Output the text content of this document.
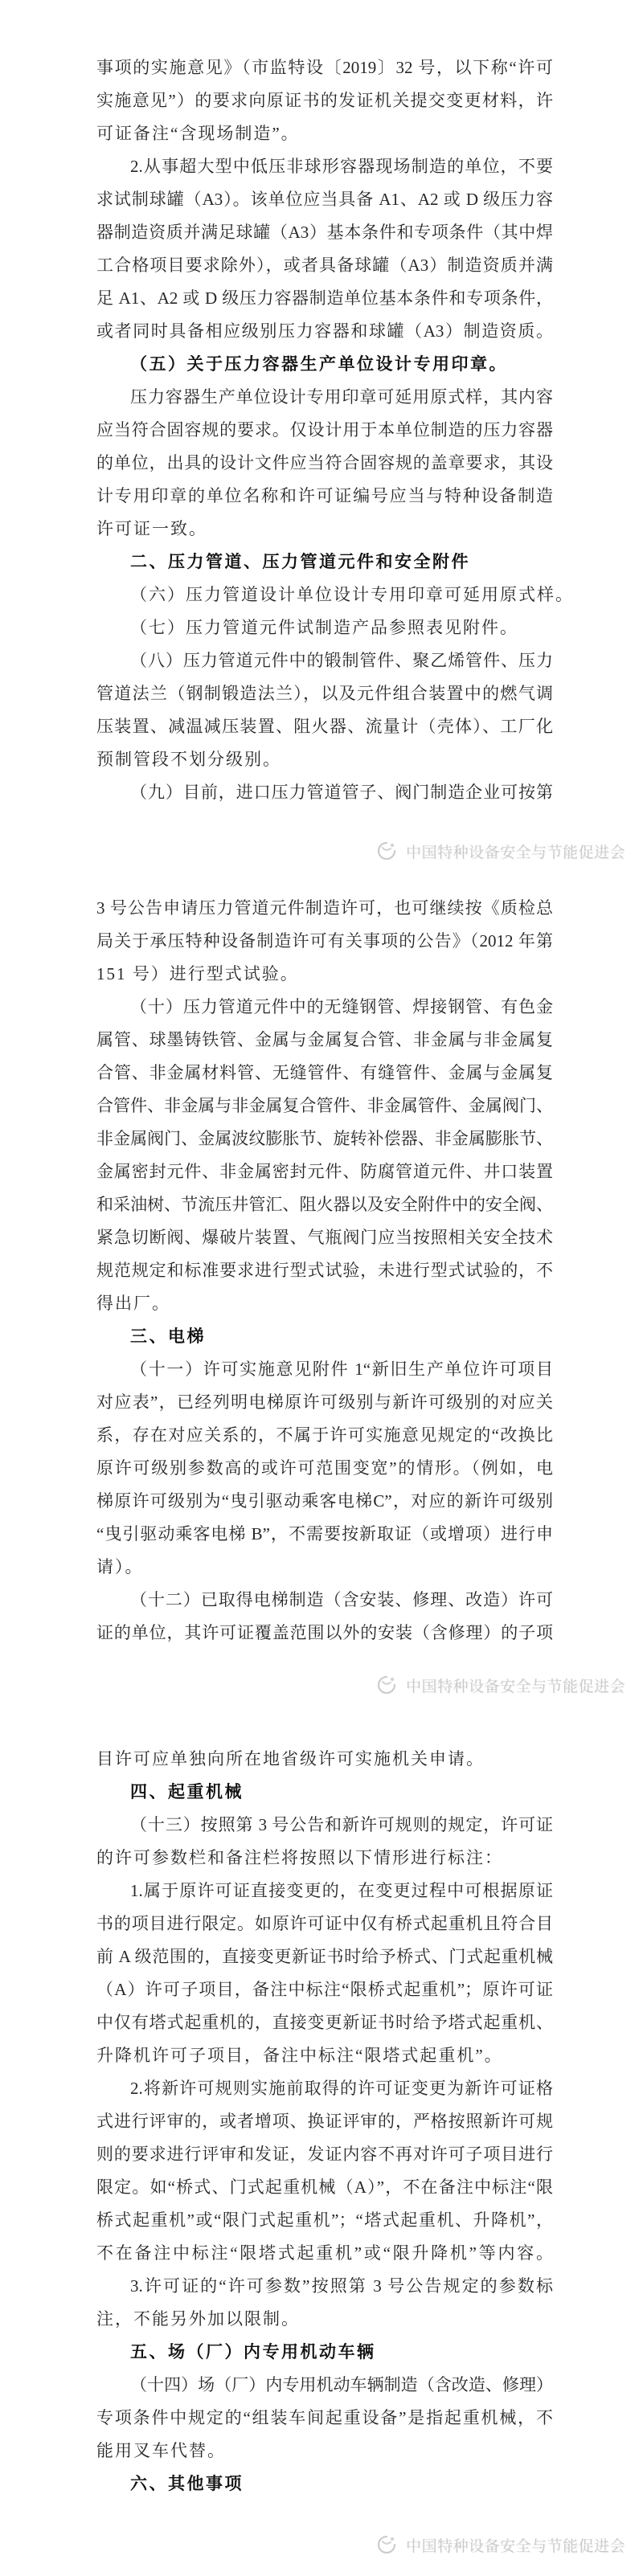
事项的实施意见》（市监特设〔2019〕32 号，以下称“许可
实施意见”）的要求向原证书的发证机关提交变更材料，许
可证备注“含现场制造”。
2.从事超大型中低压非球形容器现场制造的单位，不要
求试制球罐（A3）。该单位应当具备 A1、A2 或 D 级压力容
器制造资质并满足球罐（A3）基本条件和专项条件（其中焊
工合格项目要求除外），或者具备球罐（A3）制造资质并满
足 A1、A2 或 D 级压力容器制造单位基本条件和专项条件，
或者同时具备相应级别压力容器和球罐（A3）制造资质。
（五）关于压力容器生产单位设计专用印章。
压力容器生产单位设计专用印章可延用原式样，其内容
应当符合固容规的要求。仅设计用于本单位制造的压力容器
的单位，出具的设计文件应当符合固容规的盖章要求，其设
计专用印章的单位名称和许可证编号应当与特种设备制造
许可证一致。
二、压力管道、压力管道元件和安全附件
（六）压力管道设计单位设计专用印章可延用原式样。
（七）压力管道元件试制造产品参照表见附件。
（八）压力管道元件中的锻制管件、聚乙烯管件、压力
管道法兰（钢制锻造法兰），以及元件组合装置中的燃气调
压装置、减温减压装置、阻火器、流量计（壳体）、工厂化
预制管段不划分级别。
（九）目前，进口压力管道管子、阀门制造企业可按第
3 号公告申请压力管道元件制造许可，也可继续按《质检总
局关于承压特种设备制造许可有关事项的公告》（2012 年第
151 号）进行型式试验。
（十）压力管道元件中的无缝钢管、焊接钢管、有色金
属管、球墨铸铁管、金属与金属复合管、非金属与非金属复
合管、非金属材料管、无缝管件、有缝管件、金属与金属复
合管件、非金属与非金属复合管件、非金属管件、金属阀门、
非金属阀门、金属波纹膨胀节、旋转补偿器、非金属膨胀节、
金属密封元件、非金属密封元件、防腐管道元件、井口装置
和采油树、节流压井管汇、阻火器以及安全附件中的安全阀、
紧急切断阀、爆破片装置、气瓶阀门应当按照相关安全技术
规范规定和标准要求进行型式试验，未进行型式试验的，不
得出厂。
三、电梯
（十一）许可实施意见附件 1“新旧生产单位许可项目
对应表”，已经列明电梯原许可级别与新许可级别的对应关
系，存在对应关系的，不属于许可实施意见规定的“改换比
原许可级别参数高的或许可范围变宽”的情形。（例如，电
梯原许可级别为“曳引驱动乘客电梯C”，对应的新许可级别
“曳引驱动乘客电梯 B”，不需要按新取证（或增项）进行申
请）。
（十二）已取得电梯制造（含安装、修理、改造）许可
证的单位，其许可证覆盖范围以外的安装（含修理）的子项
目许可应单独向所在地省级许可实施机关申请。
四、起重机械
（十三）按照第 3 号公告和新许可规则的规定，许可证
的许可参数栏和备注栏将按照以下情形进行标注：
1.属于原许可证直接变更的，在变更过程中可根据原证
书的项目进行限定。如原许可证中仅有桥式起重机且符合目
前 A 级范围的，直接变更新证书时给予桥式、门式起重机械
（A）许可子项目，备注中标注“限桥式起重机”；原许可证
中仅有塔式起重机的，直接变更新证书时给予塔式起重机、
升降机许可子项目，备注中标注“限塔式起重机”。
2.将新许可规则实施前取得的许可证变更为新许可证格
式进行评审的，或者增项、换证评审的，严格按照新许可规
则的要求进行评审和发证，发证内容不再对许可子项目进行
限定。如“桥式、门式起重机械（A）”，不在备注中标注“限
桥式起重机”或“限门式起重机”；“塔式起重机、升降机”，
不在备注中标注“限塔式起重机”或“限升降机”等内容。
3.许可证的“许可参数”按照第 3 号公告规定的参数标
注，不能另外加以限制。
五、场（厂）内专用机动车辆
（十四）场（厂）内专用机动车辆制造（含改造、修理）
专项条件中规定的“组装车间起重设备”是指起重机械，不
能用叉车代替。
六、其他事项
中国特种设备安全与节能促进会
中国特种设备安全与节能促进会
中国特种设备安全与节能促进会
